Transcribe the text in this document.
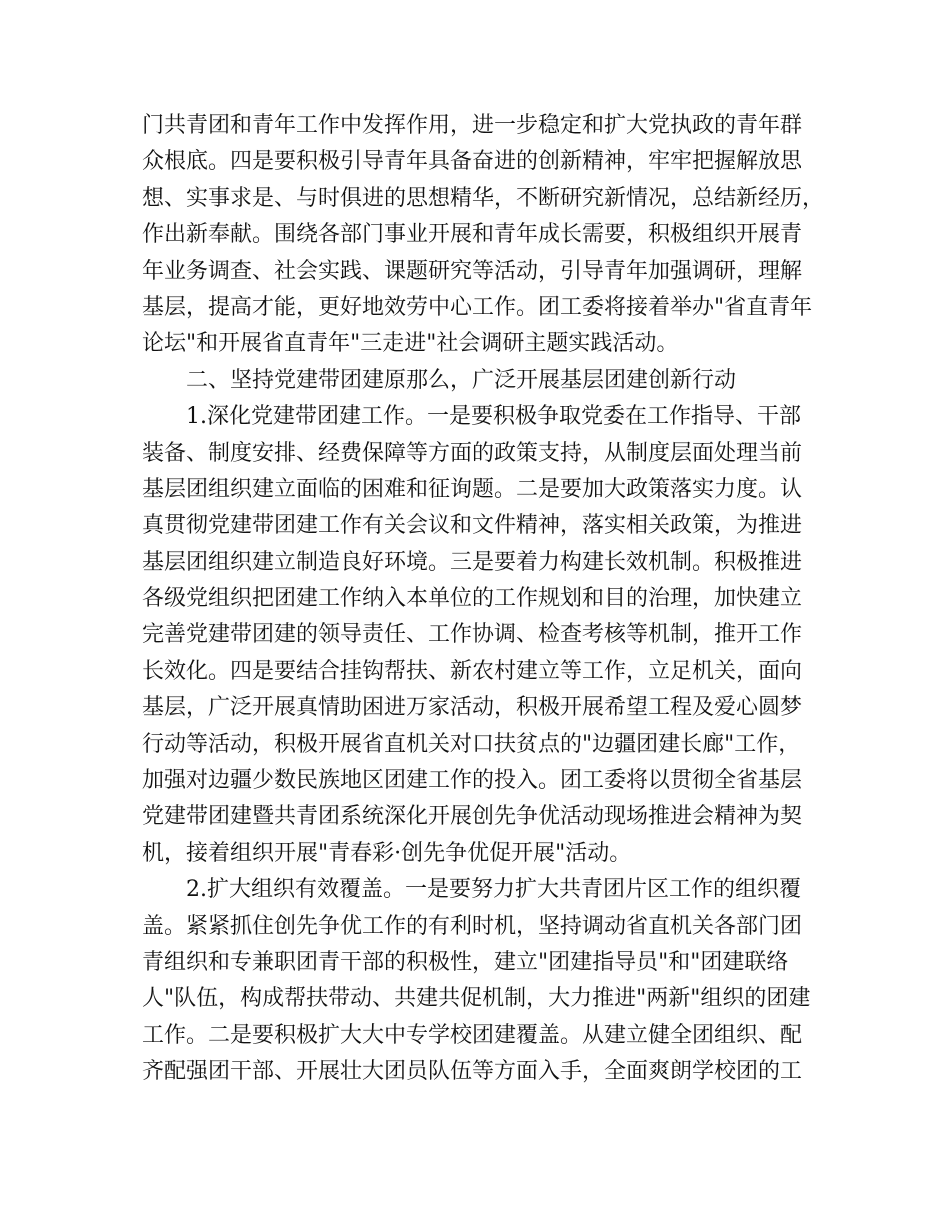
门共青团和青年工作中发挥作用，进一步稳定和扩大党执政的青年群
众根底。四是要积极引导青年具备奋进的创新精神，牢牢把握解放思
想、实事求是、与时俱进的思想精华，不断研究新情况，总结新经历，
作出新奉献。围绕各部门事业开展和青年成长需要，积极组织开展青
年业务调查、社会实践、课题研究等活动，引导青年加强调研，理解
基层，提高才能，更好地效劳中心工作。团工委将接着举办"省直青年
论坛"和开展省直青年"三走进"社会调研主题实践活动。
二、坚持党建带团建原那么，广泛开展基层团建创新行动
1.深化党建带团建工作。一是要积极争取党委在工作指导、干部
装备、制度安排、经费保障等方面的政策支持，从制度层面处理当前
基层团组织建立面临的困难和征询题。二是要加大政策落实力度。认
真贯彻党建带团建工作有关会议和文件精神，落实相关政策，为推进
基层团组织建立制造良好环境。三是要着力构建长效机制。积极推进
各级党组织把团建工作纳入本单位的工作规划和目的治理，加快建立
完善党建带团建的领导责任、工作协调、检查考核等机制，推开工作
长效化。四是要结合挂钩帮扶、新农村建立等工作，立足机关，面向
基层，广泛开展真情助困进万家活动，积极开展希望工程及爱心圆梦
行动等活动，积极开展省直机关对口扶贫点的"边疆团建长廊"工作，
加强对边疆少数民族地区团建工作的投入。团工委将以贯彻全省基层
党建带团建暨共青团系统深化开展创先争优活动现场推进会精神为契
机，接着组织开展"青春彩·创先争优促开展"活动。
2.扩大组织有效覆盖。一是要努力扩大共青团片区工作的组织覆
盖。紧紧抓住创先争优工作的有利时机，坚持调动省直机关各部门团
青组织和专兼职团青干部的积极性，建立"团建指导员"和"团建联络
人"队伍，构成帮扶带动、共建共促机制，大力推进"两新"组织的团建
工作。二是要积极扩大大中专学校团建覆盖。从建立健全团组织、配
齐配强团干部、开展壮大团员队伍等方面入手，全面爽朗学校团的工
